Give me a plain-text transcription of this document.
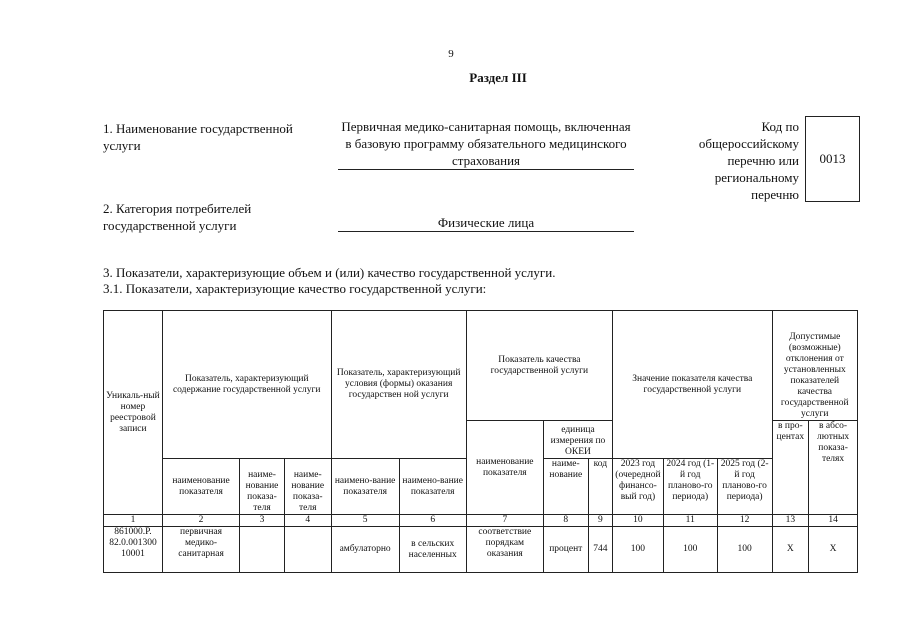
9
Раздел III
1. Наименование государственной услуги
Первичная медико-санитарная помощь, включенная в базовую программу обязательного медицинского страхования
Код по общероссийскому перечню или региональному перечню
0013
2. Категория потребителей государственной услуги	Физические лица
3. Показатели, характеризующие объем и (или) качество государственной услуги.
3.1. Показатели, характеризующие качество государственной услуги:
Уникаль-ный номер реестровой записи	Показатель, характеризующий содержание государственной услуги			Показатель, характеризующий условия (формы) оказания государствен ной услуги		Показатель качества государственной услуги			Значение показателя качества государственной услуги			Допустимые (возможные) отклонения от установленных показателей качества государственной услуги	
						наименование показателя	единица измерения по ОКЕИ					в про-центах	в абсо-лютных показа-телях
	наименование показателя	наиме-нование показа-теля	наиме-нование показа-теля	наимено-вание показателя	наимено-вание показателя		наиме-нование	код	2023 год (очередной финансо-вый год)	2024 год (1-й год планово-го периода)	2025 год (2-й год планово-го периода)		

1	2	3	4	5	6	7	8	9	10	11	12	13	14
861000.Р. 82.0.001300 10001	первичная медико-санитарная			амбулаторно	в сельских населенных	соответствие порядкам оказания	процент	744	100	100	100	Х	Х
